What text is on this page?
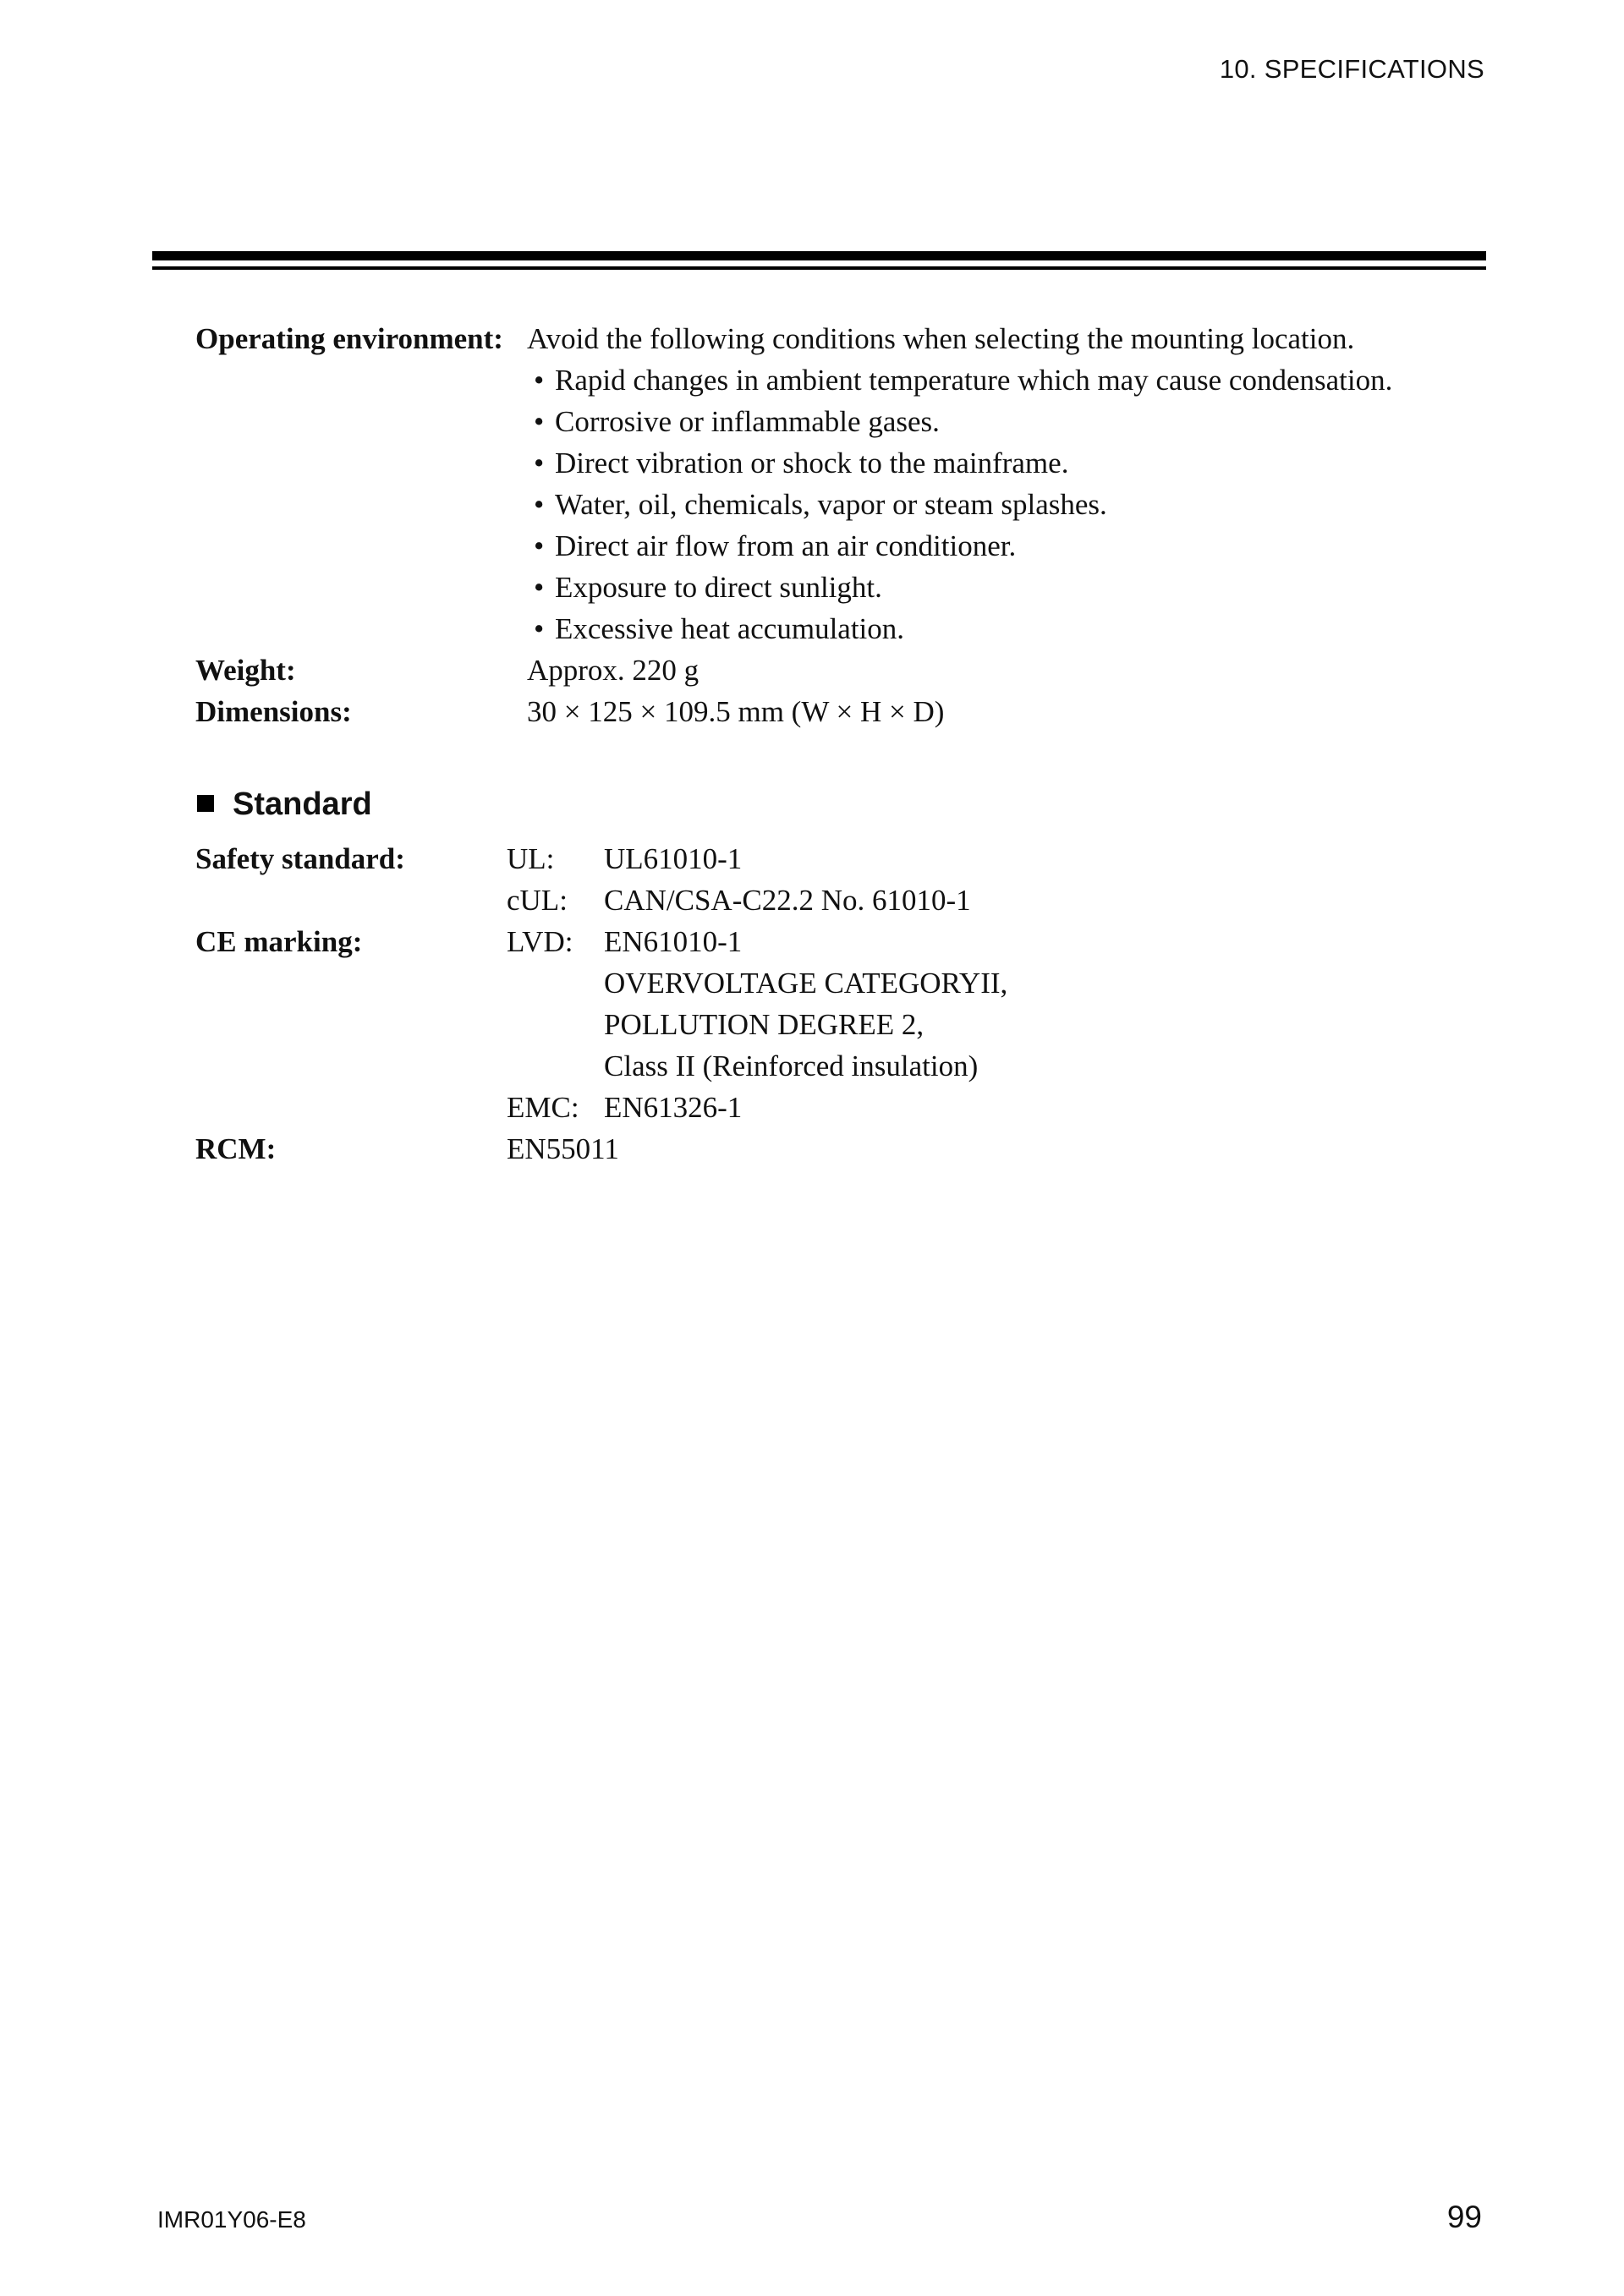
10. SPECIFICATIONS
Operating environment: Avoid the following conditions when selecting the mounting location.
• Rapid changes in ambient temperature which may cause condensation.
• Corrosive or inflammable gases.
• Direct vibration or shock to the mainframe.
• Water, oil, chemicals, vapor or steam splashes.
• Direct air flow from an air conditioner.
• Exposure to direct sunlight.
• Excessive heat accumulation.
Weight:	Approx. 220 g
Dimensions:	30 × 125 × 109.5 mm (W × H × D)
Standard
Safety standard:	UL: UL61010-1
cUL: CAN/CSA-C22.2 No. 61010-1
CE marking:	LVD: EN61010-1
OVERVOLTAGE CATEGORYII,
POLLUTION DEGREE 2,
Class II (Reinforced insulation)
EMC: EN61326-1
RCM:	EN55011
IMR01Y06-E8	99
